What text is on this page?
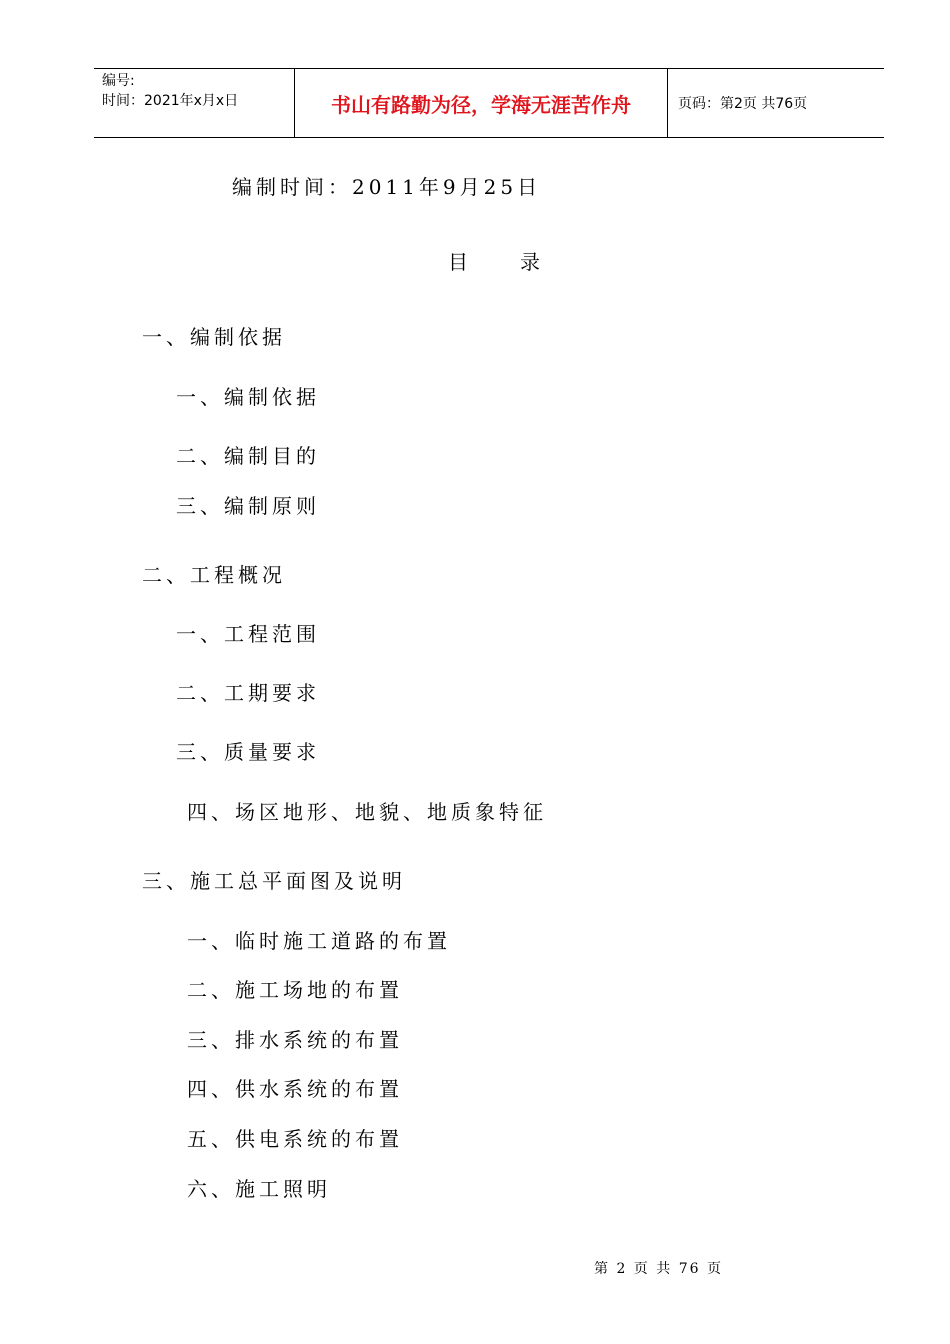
编号:
时间：2021年x月x日	书山有路勤为径，学海无涯苦作舟	页码：第2页 共76页
编制时间：2011年9月25日
目　　录
一、编制依据
一、编制依据
二、编制目的
三、编制原则
二、工程概况
一、工程范围
二、工期要求
三、质量要求
四、场区地形、地貌、地质象特征
三、施工总平面图及说明
一、临时施工道路的布置
二、施工场地的布置
三、排水系统的布置
四、供水系统的布置
五、供电系统的布置
六、施工照明
第 2 页 共 76 页
